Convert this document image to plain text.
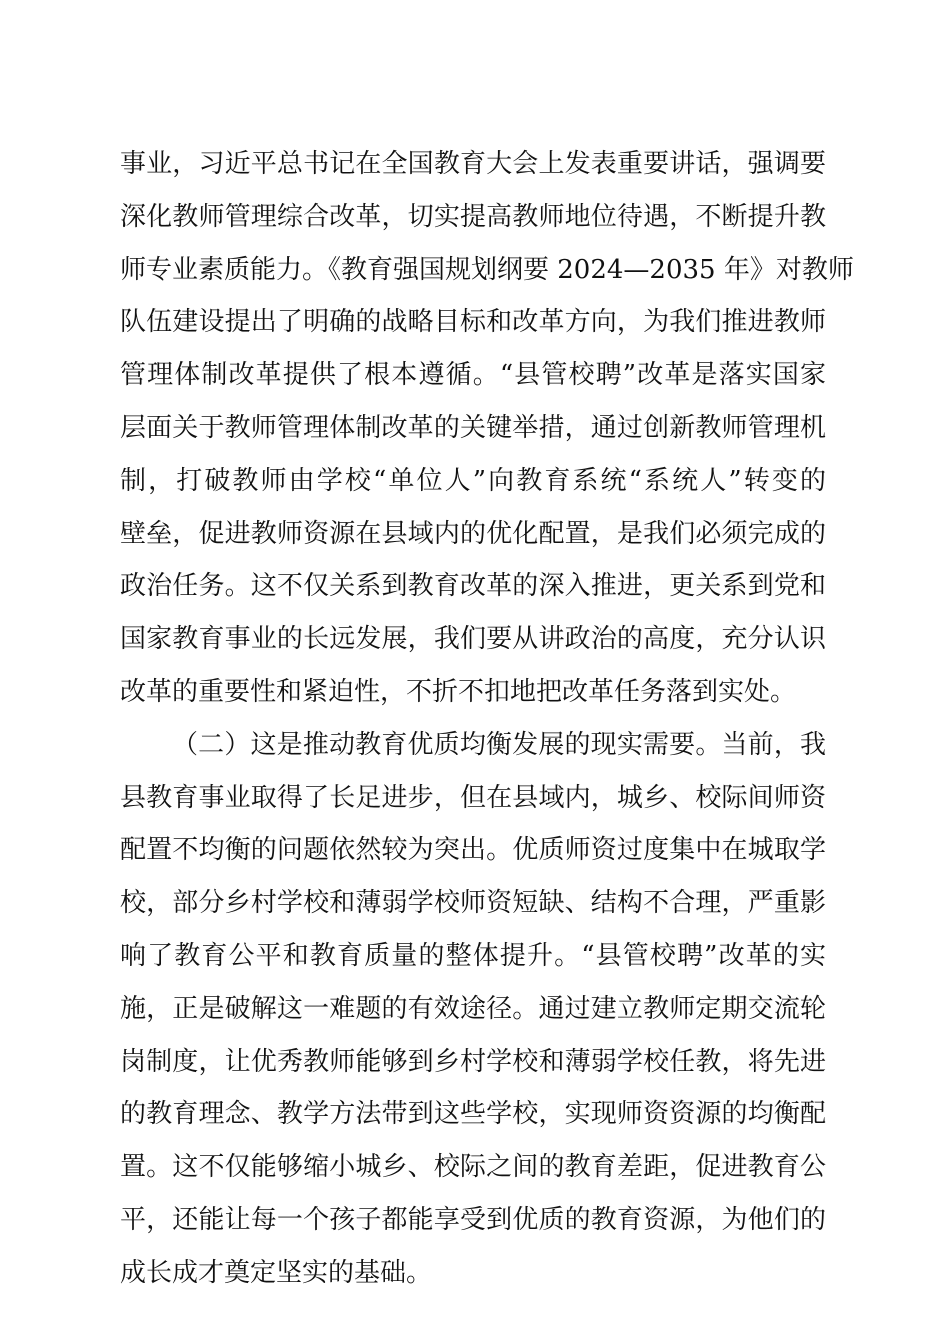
事业，习近平总书记在全国教育大会上发表重要讲话，强调要
深化教师管理综合改革，切实提高教师地位待遇，不断提升教
师专业素质能力。《教育强国规划纲要 2024—2035 年》对教师
队伍建设提出了明确的战略目标和改革方向，为我们推进教师
管理体制改革提供了根本遵循。“县管校聘”改革是落实国家
层面关于教师管理体制改革的关键举措，通过创新教师管理机
制，打破教师由学校“单位人”向教育系统“系统人”转变的
壁垒，促进教师资源在县域内的优化配置，是我们必须完成的
政治任务。这不仅关系到教育改革的深入推进，更关系到党和
国家教育事业的长远发展，我们要从讲政治的高度，充分认识
改革的重要性和紧迫性，不折不扣地把改革任务落到实处。
（二）这是推动教育优质均衡发展的现实需要。当前，我
县教育事业取得了长足进步，但在县域内，城乡、校际间师资
配置不均衡的问题依然较为突出。优质师资过度集中在城取学
校，部分乡村学校和薄弱学校师资短缺、结构不合理，严重影
响了教育公平和教育质量的整体提升。“县管校聘”改革的实
施，正是破解这一难题的有效途径。通过建立教师定期交流轮
岗制度，让优秀教师能够到乡村学校和薄弱学校任教，将先进
的教育理念、教学方法带到这些学校，实现师资资源的均衡配
置。这不仅能够缩小城乡、校际之间的教育差距，促进教育公
平，还能让每一个孩子都能享受到优质的教育资源，为他们的
成长成才奠定坚实的基础。
